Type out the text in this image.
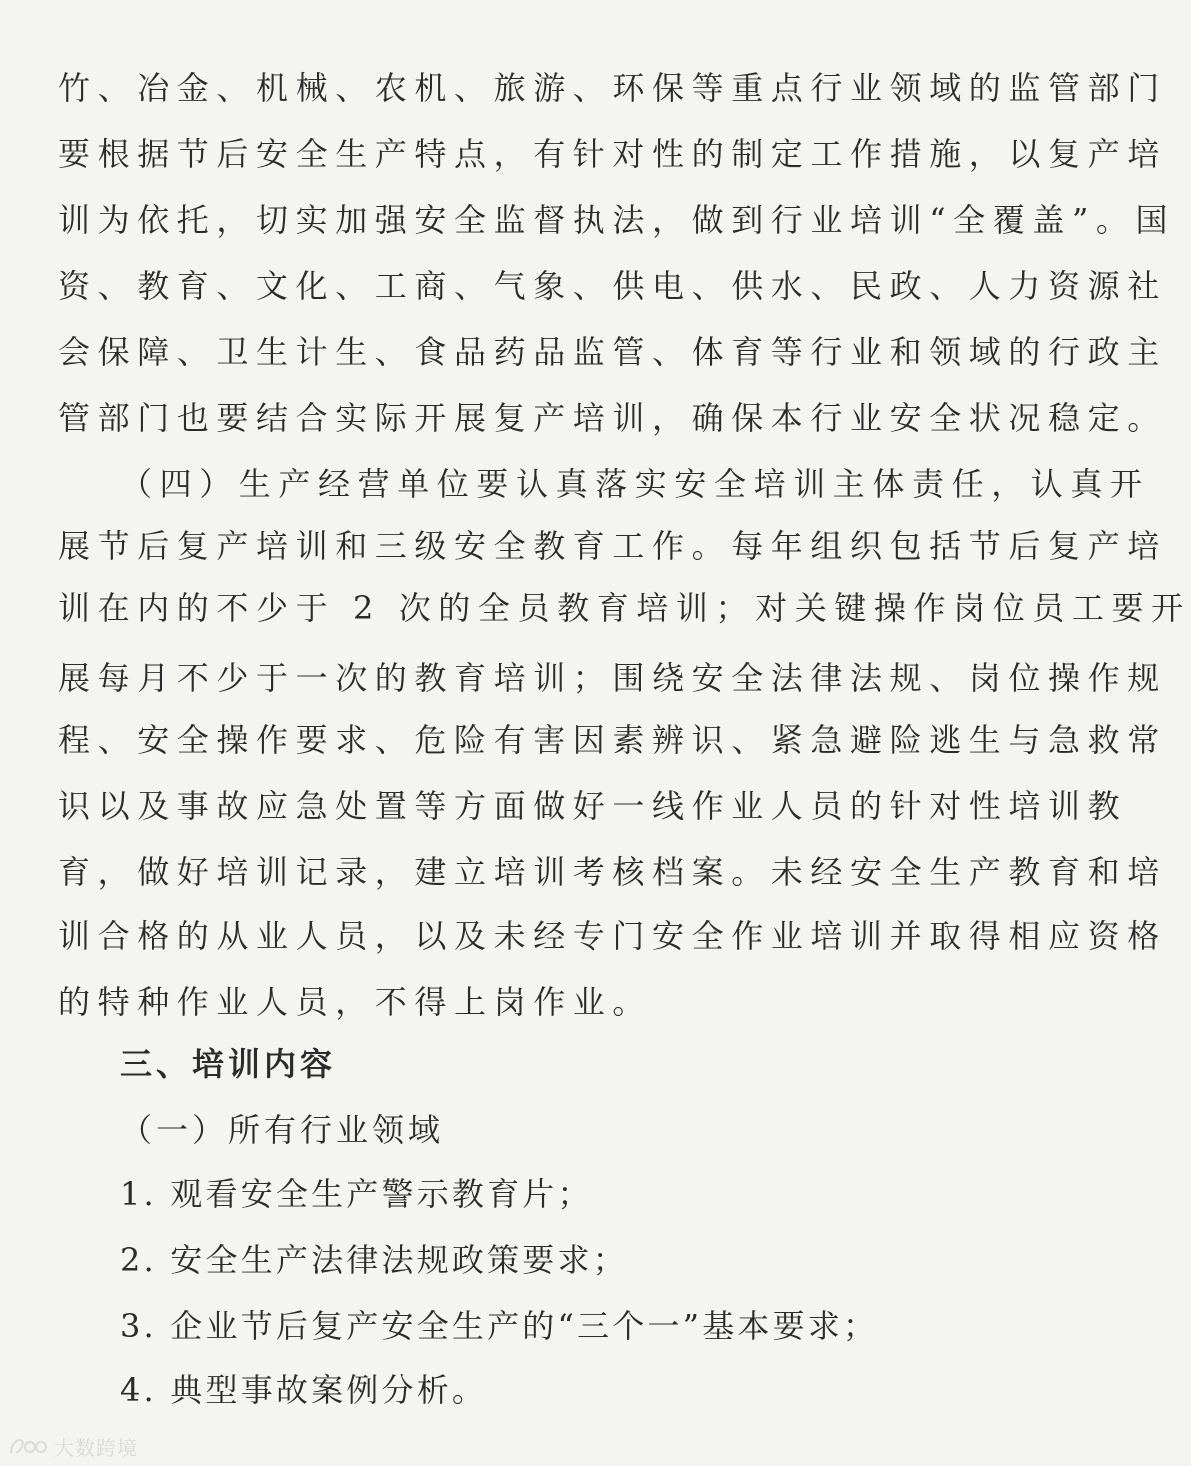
竹、冶金、机械、农机、旅游、环保等重点行业领域的监管部门
要根据节后安全生产特点，有针对性的制定工作措施，以复产培
训为依托，切实加强安全监督执法，做到行业培训“全覆盖”。国
资、教育、文化、工商、气象、供电、供水、民政、人力资源社
会保障、卫生计生、食品药品监管、体育等行业和领域的行政主
管部门也要结合实际开展复产培训，确保本行业安全状况稳定。
（四）生产经营单位要认真落实安全培训主体责任，认真开
展节后复产培训和三级安全教育工作。每年组织包括节后复产培
训在内的不少于 2 次的全员教育培训；对关键操作岗位员工要开
展每月不少于一次的教育培训；围绕安全法律法规、岗位操作规
程、安全操作要求、危险有害因素辨识、紧急避险逃生与急救常
识以及事故应急处置等方面做好一线作业人员的针对性培训教
育，做好培训记录，建立培训考核档案。未经安全生产教育和培
训合格的从业人员，以及未经专门安全作业培训并取得相应资格
的特种作业人员，不得上岗作业。
三、培训内容
（一）所有行业领域
1. 观看安全生产警示教育片；
2. 安全生产法律法规政策要求；
3. 企业节后复产安全生产的“三个一”基本要求；
4. 典型事故案例分析。
大数跨境
